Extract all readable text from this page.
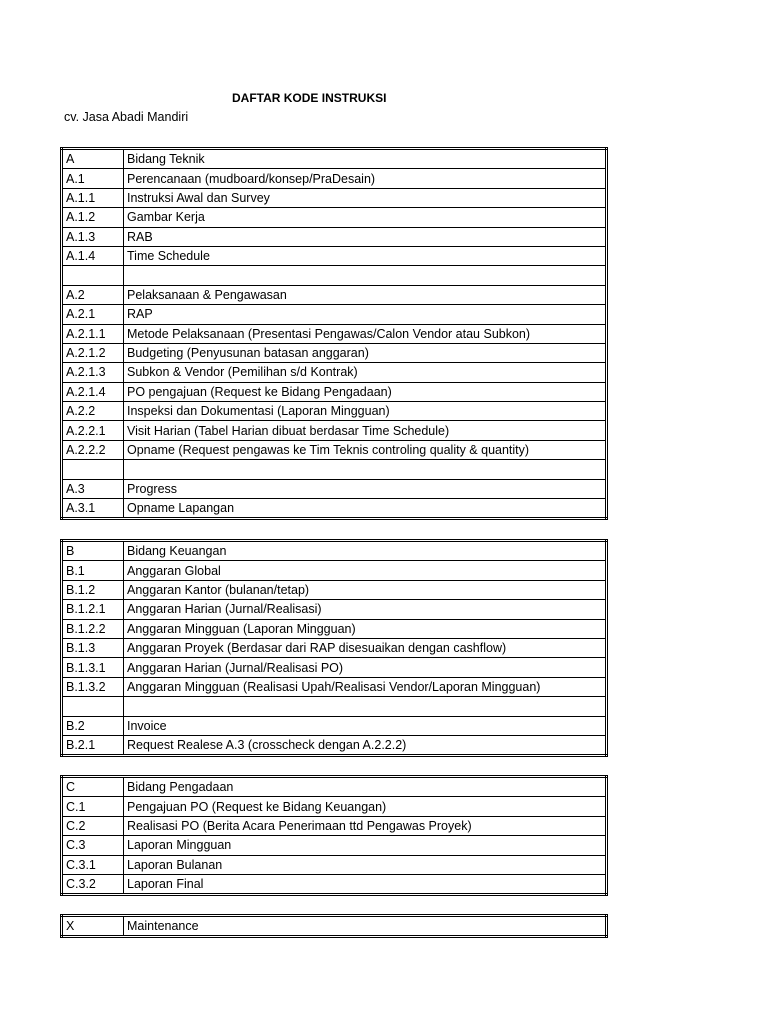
DAFTAR KODE INSTRUKSI
cv. Jasa Abadi Mandiri
A	Bidang Teknik
A.1	Perencanaan (mudboard/konsep/PraDesain)
A.1.1	Instruksi Awal dan Survey
A.1.2	Gambar Kerja
A.1.3	RAB
A.1.4	Time Schedule

A.2	Pelaksanaan & Pengawasan
A.2.1	RAP
A.2.1.1	Metode Pelaksanaan (Presentasi Pengawas/Calon Vendor atau Subkon)
A.2.1.2	Budgeting (Penyusunan batasan anggaran)
A.2.1.3	Subkon & Vendor (Pemilihan s/d Kontrak)
A.2.1.4	PO pengajuan (Request ke Bidang Pengadaan)
A.2.2	Inspeksi dan Dokumentasi (Laporan Mingguan)
A.2.2.1	Visit Harian (Tabel Harian dibuat berdasar Time Schedule)
A.2.2.2	Opname (Request pengawas ke Tim Teknis controling quality & quantity)

A.3	Progress
A.3.1	Opname Lapangan
B	Bidang Keuangan
B.1	Anggaran Global
B.1.2	Anggaran Kantor (bulanan/tetap)
B.1.2.1	Anggaran Harian (Jurnal/Realisasi)
B.1.2.2	Anggaran Mingguan (Laporan Mingguan)
B.1.3	Anggaran Proyek (Berdasar dari RAP disesuaikan dengan cashflow)
B.1.3.1	Anggaran Harian (Jurnal/Realisasi PO)
B.1.3.2	Anggaran Mingguan (Realisasi Upah/Realisasi Vendor/Laporan Mingguan)

B.2	Invoice
B.2.1	Request Realese A.3 (crosscheck dengan A.2.2.2)
C	Bidang Pengadaan
C.1	Pengajuan PO (Request ke Bidang Keuangan)
C.2	Realisasi PO (Berita Acara Penerimaan ttd Pengawas Proyek)
C.3	Laporan Mingguan
C.3.1	Laporan Bulanan
C.3.2	Laporan Final
X	Maintenance
